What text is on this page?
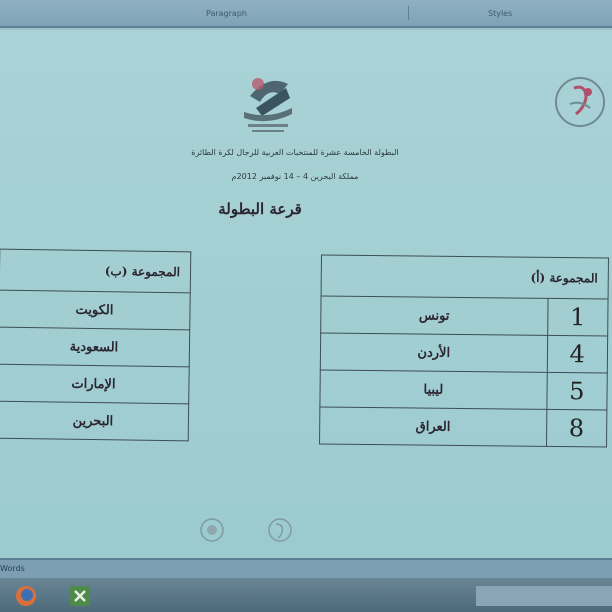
Paragraph	Styles
البطولة الخامسة عشرة للمنتخبات العربية للرجال لكرة الطائرة
مملكة البحرين 4 – 14 نوفمبر 2012م
قرعة البطولة
المجموعة (أ)	
1	تونس
4	الأردن
5	ليبيا
8	العراق
المجموعة (ب)
الكويت
السعودية
الإمارات
البحرين
Words
